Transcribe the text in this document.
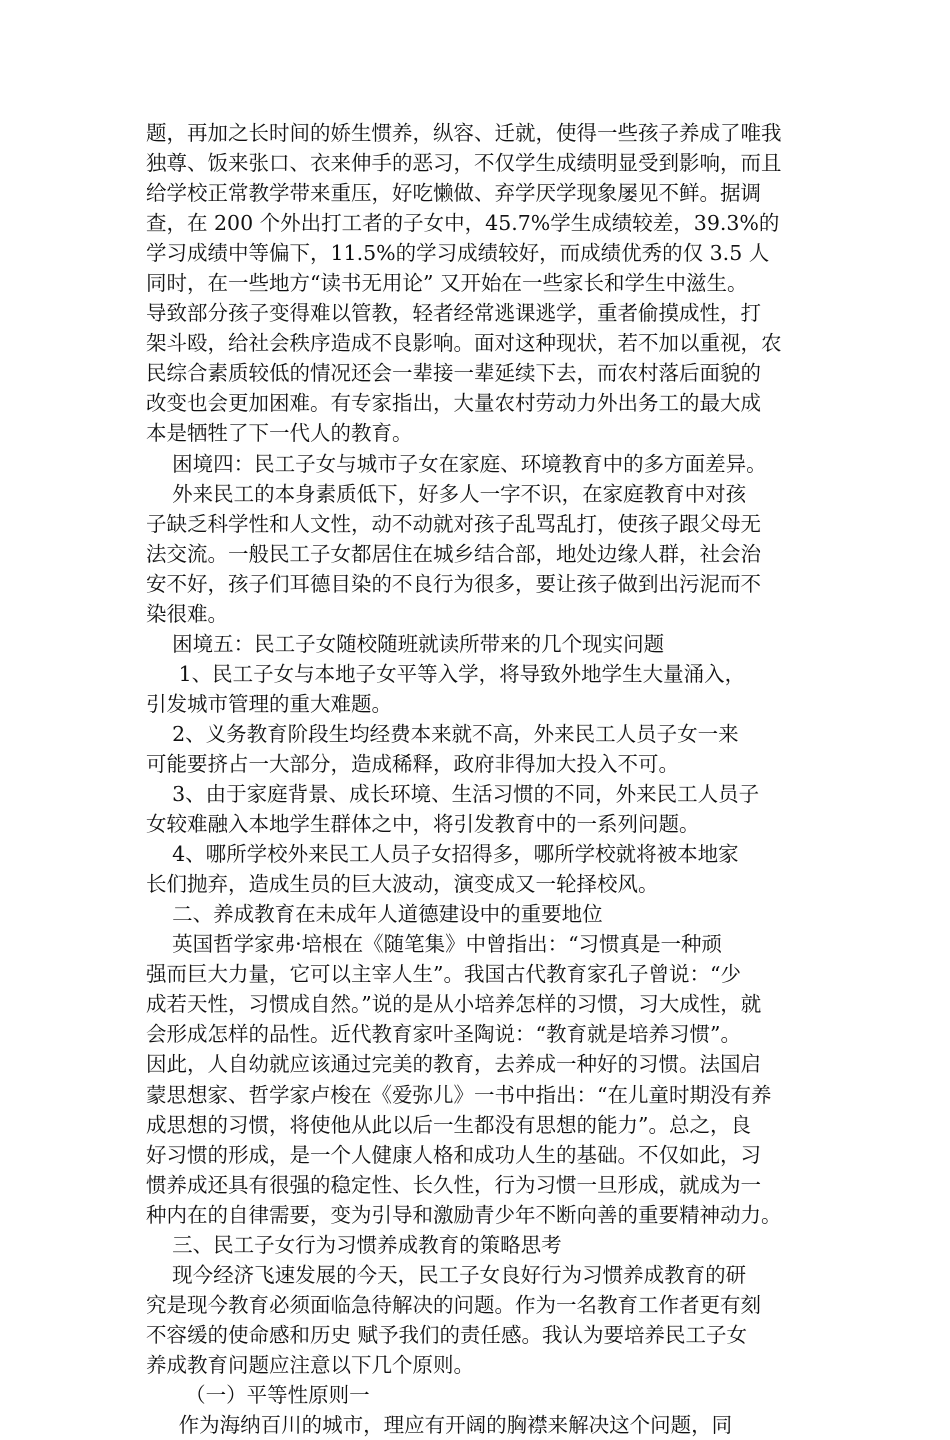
题，再加之长时间的娇生惯养，纵容、迁就，使得一些孩子养成了唯我
独尊、饭来张口、衣来伸手的恶习，不仅学生成绩明显受到影响，而且
给学校正常教学带来重压，好吃懒做、弃学厌学现象屡见不鲜。据调
查，在 200 个外出打工者的子女中，45.7%学生成绩较差，39.3%的
学习成绩中等偏下，11.5%的学习成绩较好，而成绩优秀的仅 3.5 人
同时，在一些地方“读书无用论” 又开始在一些家长和学生中滋生。
导致部分孩子变得难以管教，轻者经常逃课逃学，重者偷摸成性，打
架斗殴，给社会秩序造成不良影响。面对这种现状，若不加以重视，农
民综合素质较低的情况还会一辈接一辈延续下去，而农村落后面貌的
改变也会更加困难。有专家指出，大量农村劳动力外出务工的最大成
本是牺牲了下一代人的教育。
困境四：民工子女与城市子女在家庭、环境教育中的多方面差异。
外来民工的本身素质低下，好多人一字不识，在家庭教育中对孩
子缺乏科学性和人文性，动不动就对孩子乱骂乱打，使孩子跟父母无
法交流。一般民工子女都居住在城乡结合部，地处边缘人群，社会治
安不好，孩子们耳德目染的不良行为很多，要让孩子做到出污泥而不
染很难。
困境五：民工子女随校随班就读所带来的几个现实问题
1、民工子女与本地子女平等入学，将导致外地学生大量涌入，
引发城市管理的重大难题。
2、义务教育阶段生均经费本来就不高，外来民工人员子女一来
可能要挤占一大部分，造成稀释，政府非得加大投入不可。
3、由于家庭背景、成长环境、生活习惯的不同，外来民工人员子
女较难融入本地学生群体之中，将引发教育中的一系列问题。
4、哪所学校外来民工人员子女招得多，哪所学校就将被本地家
长们抛弃，造成生员的巨大波动，演变成又一轮择校风。
二、养成教育在未成年人道德建设中的重要地位
英国哲学家弗·培根在《随笔集》中曾指出：“习惯真是一种顽
强而巨大力量，它可以主宰人生”。我国古代教育家孔子曾说：“少
成若天性，习惯成自然。”说的是从小培养怎样的习惯，习大成性，就
会形成怎样的品性。近代教育家叶圣陶说：“教育就是培养习惯”。
因此，人自幼就应该通过完美的教育，去养成一种好的习惯。法国启
蒙思想家、哲学家卢梭在《爱弥儿》一书中指出：“在儿童时期没有养
成思想的习惯，将使他从此以后一生都没有思想的能力”。总之，良
好习惯的形成，是一个人健康人格和成功人生的基础。不仅如此，习
惯养成还具有很强的稳定性、长久性，行为习惯一旦形成，就成为一
种内在的自律需要，变为引导和激励青少年不断向善的重要精神动力。
三、民工子女行为习惯养成教育的策略思考
现今经济飞速发展的今天，民工子女良好行为习惯养成教育的研
究是现今教育必须面临急待解决的问题。作为一名教育工作者更有刻
不容缓的使命感和历史 赋予我们的责任感。我认为要培养民工子女
养成教育问题应注意以下几个原则。
（一）平等性原则一
作为海纳百川的城市，理应有开阔的胸襟来解决这个问题，同
